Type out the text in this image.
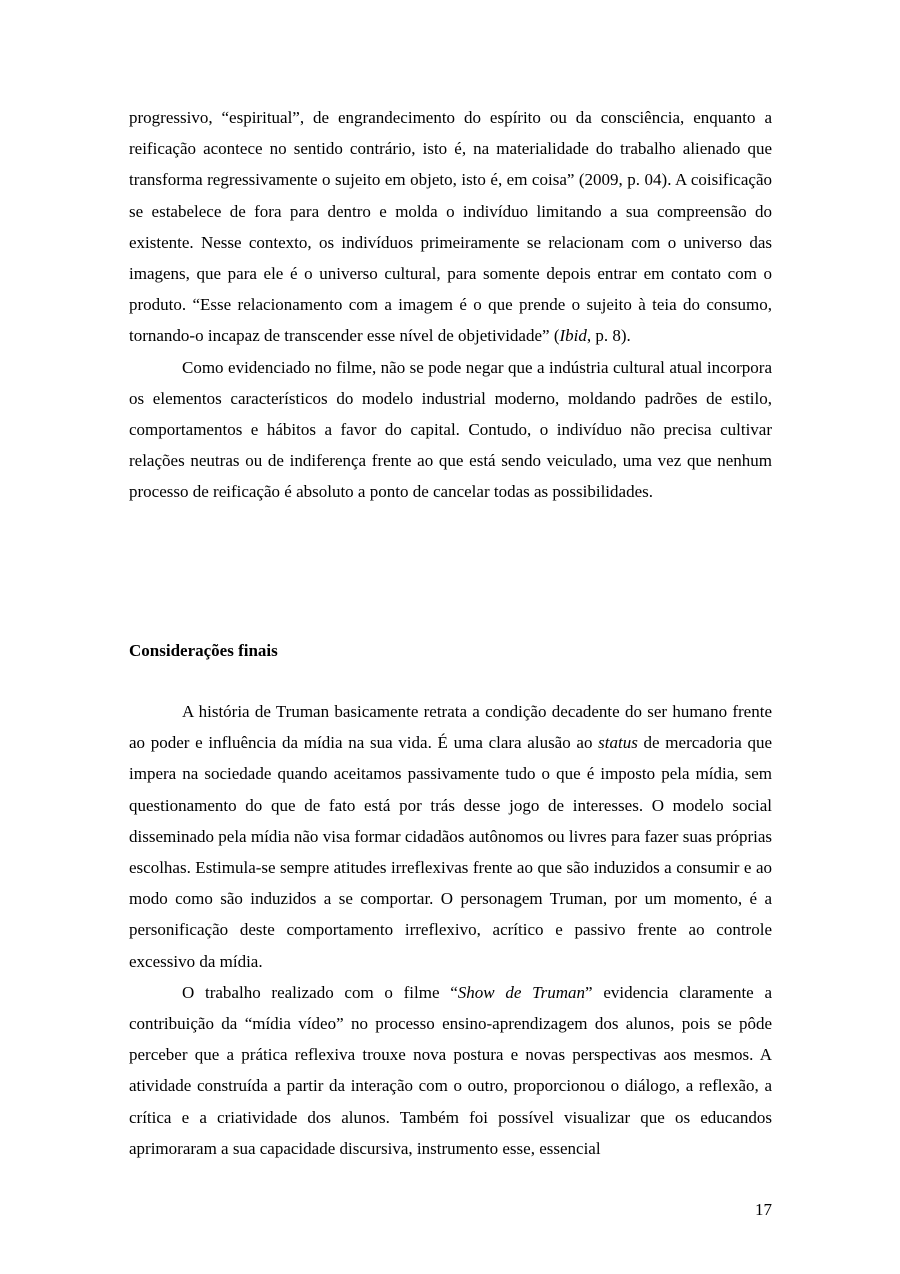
progressivo, “espiritual”, de engrandecimento do espírito ou da consciência, enquanto a reificação acontece no sentido contrário, isto é, na materialidade do trabalho alienado que transforma regressivamente o sujeito em objeto, isto é, em coisa” (2009, p. 04). A coisificação se estabelece de fora para dentro e molda o indivíduo limitando a sua compreensão do existente. Nesse contexto, os indivíduos primeiramente se relacionam com o universo das imagens, que para ele é o universo cultural, para somente depois entrar em contato com o produto. “Esse relacionamento com a imagem é o que prende o sujeito à teia do consumo, tornando-o incapaz de transcender esse nível de objetividade” (Ibid, p. 8).

Como evidenciado no filme, não se pode negar que a indústria cultural atual incorpora os elementos característicos do modelo industrial moderno, moldando padrões de estilo, comportamentos e hábitos a favor do capital. Contudo, o indivíduo não precisa cultivar relações neutras ou de indiferença frente ao que está sendo veiculado, uma vez que nenhum processo de reificação é absoluto a ponto de cancelar todas as possibilidades.

Considerações finais

A história de Truman basicamente retrata a condição decadente do ser humano frente ao poder e influência da mídia na sua vida. É uma clara alusão ao status de mercadoria que impera na sociedade quando aceitamos passivamente tudo o que é imposto pela mídia, sem questionamento do que de fato está por trás desse jogo de interesses. O modelo social disseminado pela mídia não visa formar cidadãos autônomos ou livres para fazer suas próprias escolhas. Estimula-se sempre atitudes irreflexivas frente ao que são induzidos a consumir e ao modo como são induzidos a se comportar. O personagem Truman, por um momento, é a personificação deste comportamento irreflexivo, acrítico e passivo frente ao controle excessivo da mídia.

O trabalho realizado com o filme “Show de Truman” evidencia claramente a contribuição da “mídia vídeo” no processo ensino-aprendizagem dos alunos, pois se pôde perceber que a prática reflexiva trouxe nova postura e novas perspectivas aos mesmos. A atividade construída a partir da interação com o outro, proporcionou o diálogo, a reflexão, a crítica e a criatividade dos alunos. Também foi possível visualizar que os educandos aprimoraram a sua capacidade discursiva, instrumento esse, essencial

17
